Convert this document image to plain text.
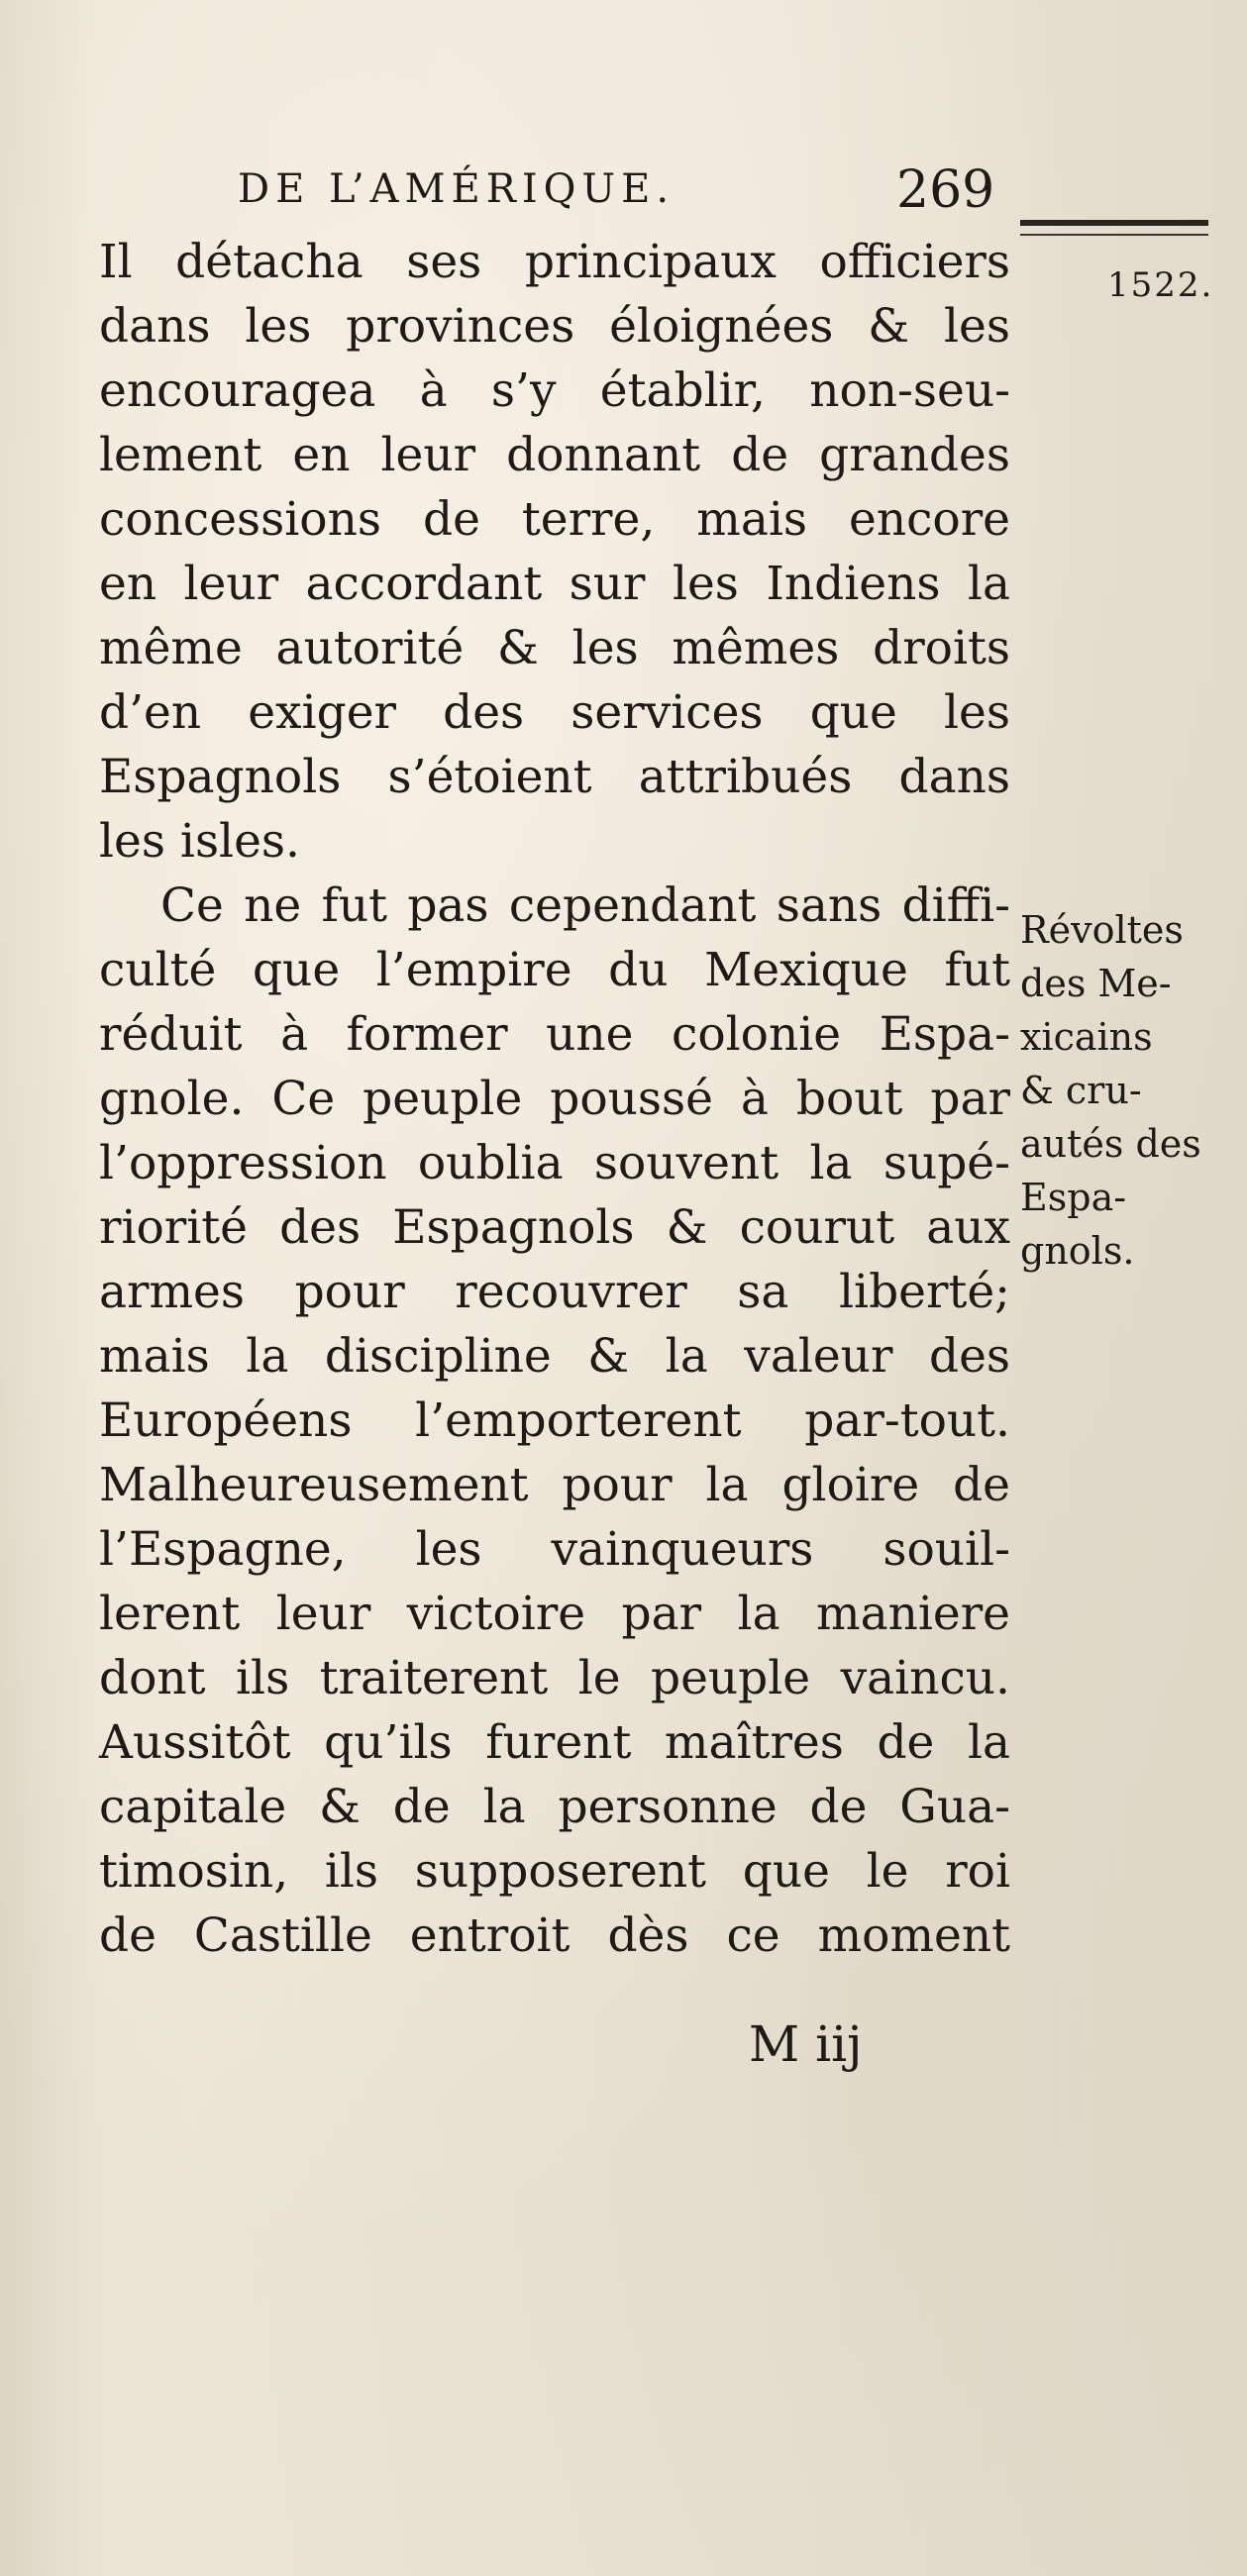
DE L’AMÉRIQUE.	269
1522.
Il détacha ses principaux officiers
dans les provinces éloignées & les
encouragea à s’y établir, non-seu-
lement en leur donnant de grandes
concessions de terre, mais encore
en leur accordant sur les Indiens la
même autorité & les mêmes droits
d’en exiger des services que les
Espagnols s’étoient attribués dans
les isles.
Ce ne fut pas cependant sans diffi-
culté que l’empire du Mexique fut
réduit à former une colonie Espa-
gnole. Ce peuple poussé à bout par
l’oppression oublia souvent la supé-
riorité des Espagnols & courut aux
armes pour recouvrer sa liberté;
mais la discipline & la valeur des
Européens l’emporterent par-tout.
Malheureusement pour la gloire de
l’Espagne, les vainqueurs souil-
lerent leur victoire par la maniere
dont ils traiterent le peuple vaincu.
Aussitôt qu’ils furent maîtres de la
capitale & de la personne de Gua-
timosin, ils supposerent que le roi
de Castille entroit dès ce moment
Révoltes
des Me-
xicains
& cru-
autés des
Espa-
gnols.
M iij
